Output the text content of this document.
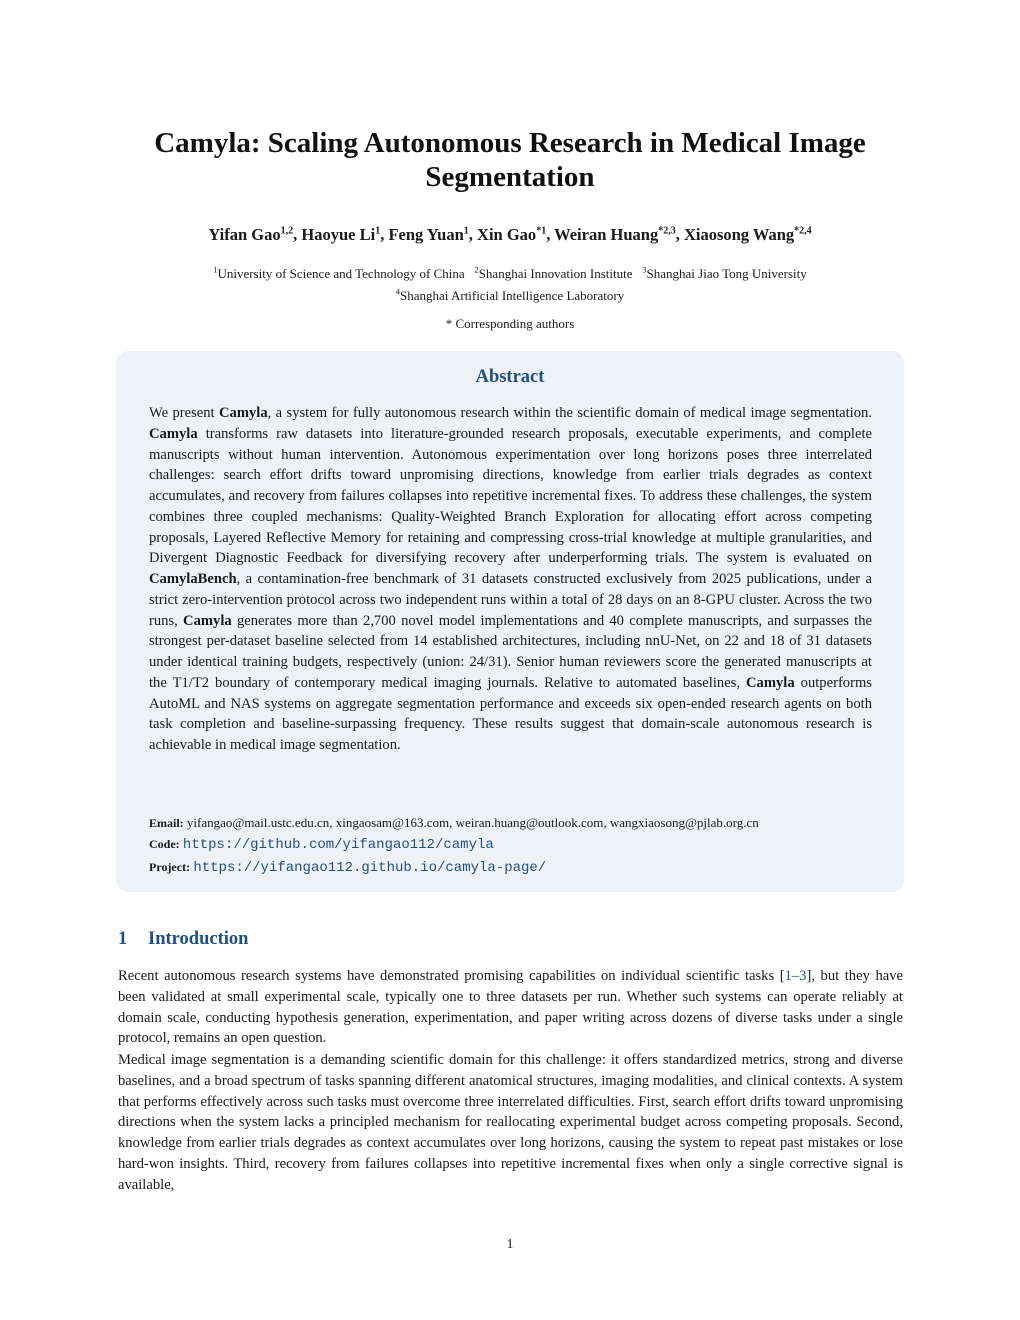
Camyla: Scaling Autonomous Research in Medical Image Segmentation
Yifan Gao$^{1,2}$, Haoyue Li$^1$, Feng Yuan$^1$, Xin Gao$^{*1}$, Weiran Huang$^{*2,3}$, Xiaosong Wang$^{*2,4}$
$^1$University of Science and Technology of China $^2$Shanghai Innovation Institute $^3$Shanghai Jiao Tong University
$^4$Shanghai Artificial Intelligence Laboratory
* Corresponding authors
Abstract
We present Camyla, a system for fully autonomous research within the scientific domain of medical image segmentation. Camyla transforms raw datasets into literature-grounded research proposals, executable experiments, and complete manuscripts without human intervention. Autonomous experimentation over long horizons poses three interrelated challenges: search effort drifts toward unpromising directions, knowledge from earlier trials degrades as context accumulates, and recovery from failures collapses into repetitive incremental fixes. To address these challenges, the system combines three coupled mechanisms: Quality-Weighted Branch Exploration for allocating effort across competing proposals, Layered Reflective Memory for retaining and compressing cross-trial knowledge at multiple granularities, and Divergent Diagnostic Feedback for diversifying recovery after underperforming trials. The system is evaluated on CamylaBench, a contamination-free benchmark of 31 datasets constructed exclusively from 2025 publications, under a strict zero-intervention protocol across two independent runs within a total of 28 days on an 8-GPU cluster. Across the two runs, Camyla generates more than 2,700 novel model implementations and 40 complete manuscripts, and surpasses the strongest per-dataset baseline selected from 14 established architectures, including nnU-Net, on 22 and 18 of 31 datasets under identical training budgets, respectively (union: 24/31). Senior human reviewers score the generated manuscripts at the T1/T2 boundary of contemporary medical imaging journals. Relative to automated baselines, Camyla outperforms AutoML and NAS systems on aggregate segmentation performance and exceeds six open-ended research agents on both task completion and baseline-surpassing frequency. These results suggest that domain-scale autonomous research is achievable in medical image segmentation.
Email: yifangao@mail.ustc.edu.cn, xingaosam@163.com, weiran.huang@outlook.com, wangxiaosong@pjlab.org.cn
Code: https://github.com/yifangao112/camyla
Project: https://yifangao112.github.io/camyla-page/
1 Introduction
Recent autonomous research systems have demonstrated promising capabilities on individual scientific tasks [1–3], but they have been validated at small experimental scale, typically one to three datasets per run. Whether such systems can operate reliably at domain scale, conducting hypothesis generation, experimentation, and paper writing across dozens of diverse tasks under a single protocol, remains an open question.
Medical image segmentation is a demanding scientific domain for this challenge: it offers standardized metrics, strong and diverse baselines, and a broad spectrum of tasks spanning different anatomical structures, imaging modalities, and clinical contexts. A system that performs effectively across such tasks must overcome three interrelated difficulties. First, search effort drifts toward unpromising directions when the system lacks a principled mechanism for reallocating experimental budget across competing proposals. Second, knowledge from earlier trials degrades as context accumulates over long horizons, causing the system to repeat past mistakes or lose hard-won insights. Third, recovery from failures collapses into repetitive incremental fixes when only a single corrective signal is available,
1
